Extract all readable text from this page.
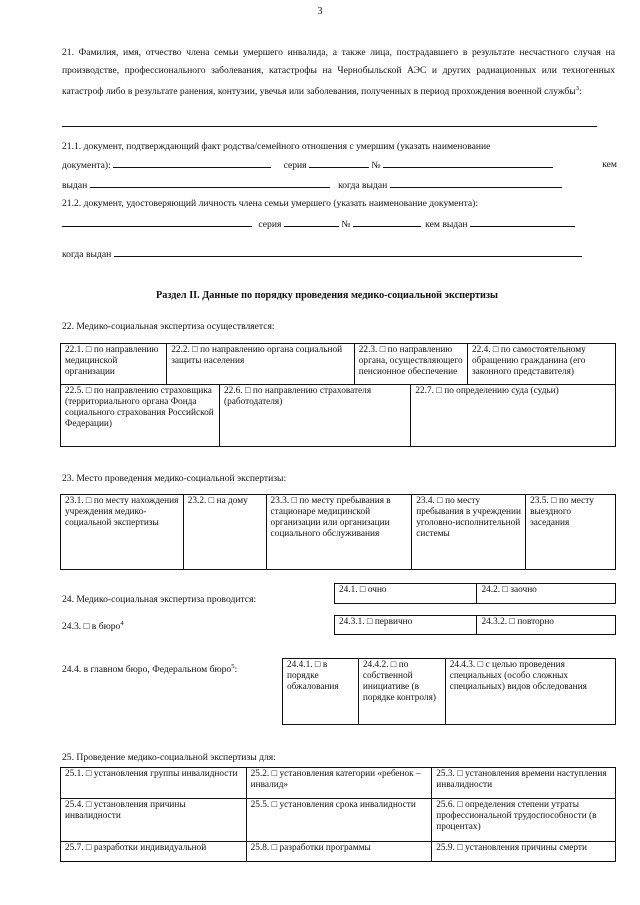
3
21. Фамилия, имя, отчество члена семьи умершего инвалида, а также лица, пострадавшего в результате несчастного случая на производстве, профессионального заболевания, катастрофы на Чернобыльской АЭС и других радиационных или техногенных катастроф либо в результате ранения, контузии, увечья или заболевания, полученных в период прохождения военной службы$^3$:
21.1. документ, подтверждающий факт родства/семейного отношения с умершим (указать наименование
документа):	серия	№	кем
выдан	когда выдан
21.2. документ, удостоверяющий личность члена семьи умершего (указать наименование документа):
серия	№	кем выдан
когда выдан
Раздел II. Данные по порядку проведения медико-социальной экспертизы
22. Медико-социальная экспертиза осуществляется:
22.1. □ по направлению медицинской организации	22.2. □ по направлению органа социальной защиты населения		22.3. □ по направлению органа, осуществляющего пенсионное обеспечение		22.4. □ по самостоятельному обращению гражданина (его законного представителя)
22.5. □ по направлению страховщика (территориального органа Фонда социального страхования Российской Федерации)		22.6. □ по направлению страхователя (работодателя)		22.7. □ по определению суда (судьи)	
23. Место проведения медико-социальной экспертизы:
23.1. □ по месту нахождения учреждения медико-социальной экспертизы	23.2. □ на дому	23.3. □ по месту пребывания в стационаре медицинской организации или организации социального обслуживания	23.4. □ по месту пребывания в учреждении уголовно-исполнительной системы	23.5. □ по месту выездного заседания
24. Медико-социальная экспертиза проводится:
24.1. □ очно	24.2. □ заочно
24.3. □ в бюро$^4$	24.3.1. □ первично	24.3.2. □ повторно
24.4. в главном бюро, Федеральном бюро$^5$:	24.4.1. □ в порядке обжалования	24.4.2. □ по собственной инициативе (в порядке контроля)	24.4.3. □ с целью проведения специальных (особо сложных специальных) видов обследования
25. Проведение медико-социальной экспертизы для:
25.1. □ установления группы инвалидности	25.2. □ установления категории «ребенок – инвалид»	25.3. □ установления времени наступления инвалидности
25.4. □ установления причины инвалидности	25.5. □ установления срока инвалидности	25.6. □ определения степени утраты профессиональной трудоспособности (в процентах)
25.7. □ разработки индивидуальной	25.8. □ разработки программы	25.9. □ установления причины смерти
